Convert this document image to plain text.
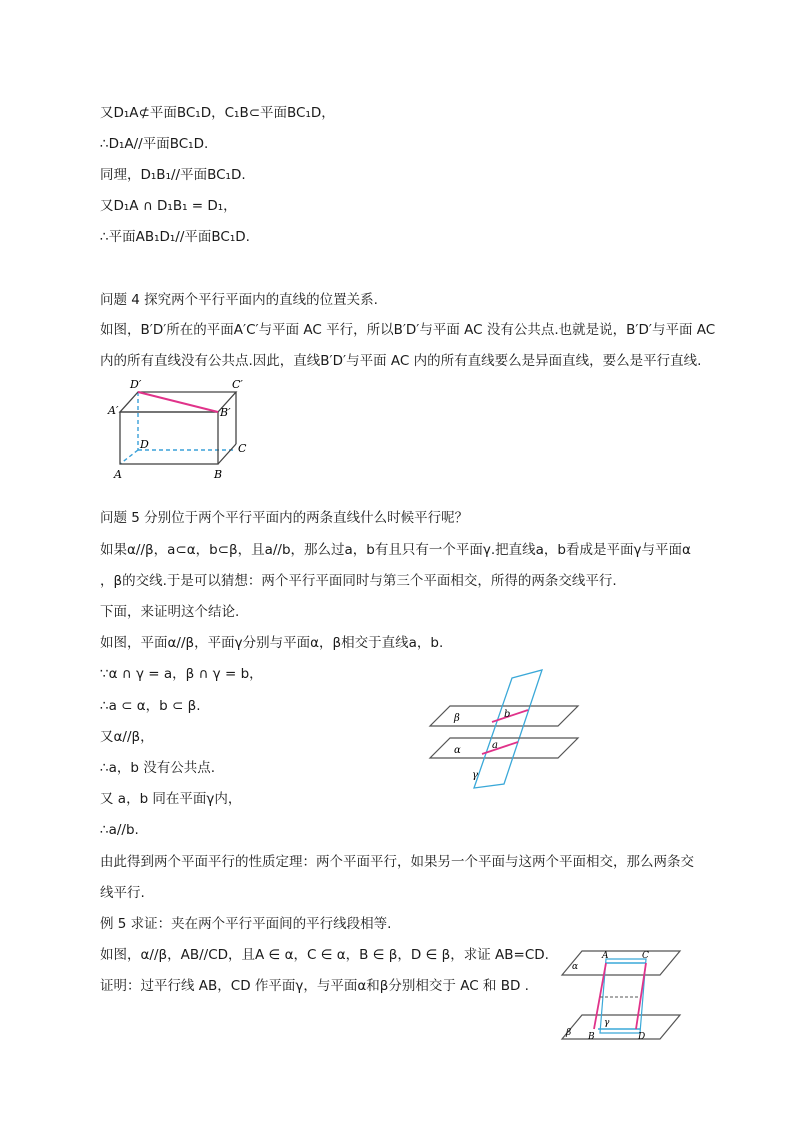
又D₁A⊄平面BC₁D，C₁B⊂平面BC₁D，
∴D₁A//平面BC₁D.
同理，D₁B₁//平面BC₁D.
又D₁A ∩ D₁B₁ = D₁，
∴平面AB₁D₁//平面BC₁D.
问题 4 探究两个平行平面内的直线的位置关系.
如图，B′D′所在的平面A′C′与平面 AC 平行，所以B′D′与平面 AC 没有公共点.也就是说，B′D′与平面 AC
内的所有直线没有公共点.因此，直线B′D′与平面 AC 内的所有直线要么是异面直线，要么是平行直线.
D′	C′
A′	B′
D	C
A	B
问题 5 分别位于两个平行平面内的两条直线什么时候平行呢？
如果α//β，a⊂α，b⊂β，且a//b，那么过a，b有且只有一个平面γ.把直线a，b看成是平面γ与平面α
，β的交线.于是可以猜想：两个平行平面同时与第三个平面相交，所得的两条交线平行.
下面，来证明这个结论.
如图，平面α//β，平面γ分别与平面α，β相交于直线a，b.
∵α ∩ γ = a，β ∩ γ = b，
∴a ⊂ α，b ⊂ β.
又α//β，
∴a，b 没有公共点.
又 a，b 同在平面γ内，
∴a//b.
β
α
b
a
γ
由此得到两个平面平行的性质定理：两个平面平行，如果另一个平面与这两个平面相交，那么两条交
线平行.
例 5 求证：夹在两个平行平面间的平行线段相等.
如图，α//β，AB//CD，且A ∈ α，C ∈ α，B ∈ β，D ∈ β，求证 AB=CD.
证明：过平行线 AB，CD 作平面γ，与平面α和β分别相交于 AC 和 BD .
α
A	C
β B
γ
D
